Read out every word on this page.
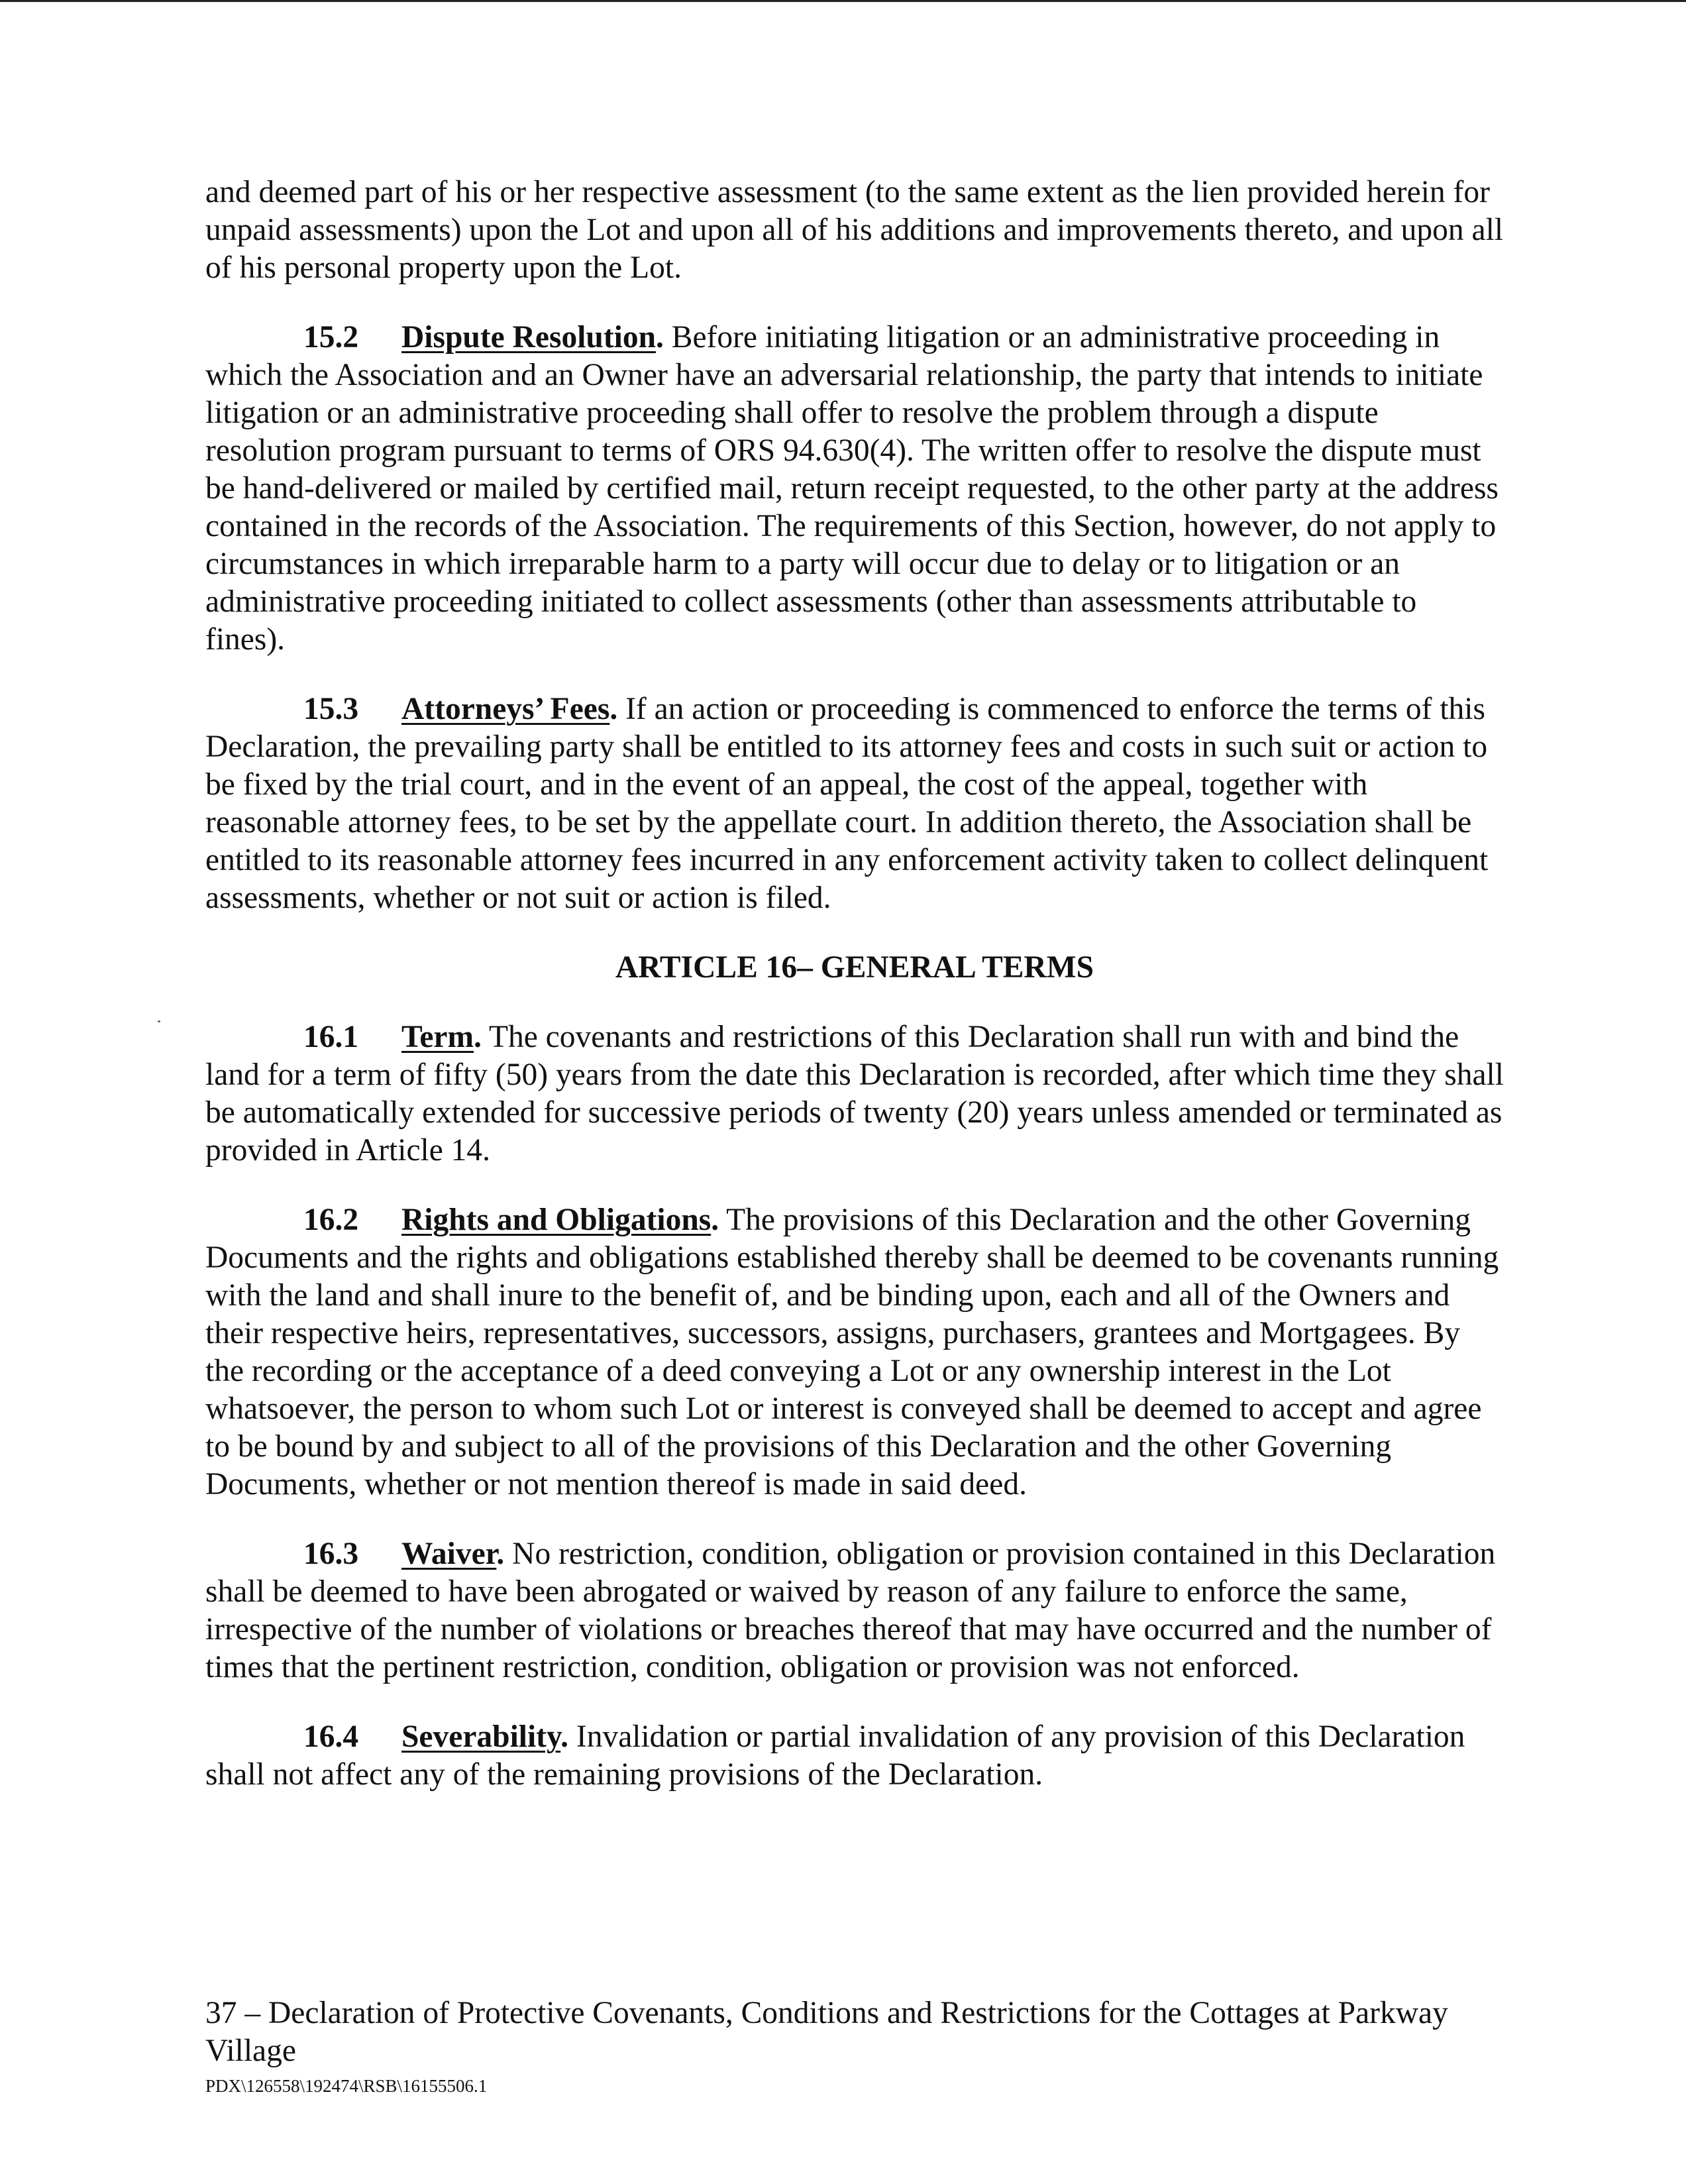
and deemed part of his or her respective assessment (to the same extent as the lien provided herein for unpaid assessments) upon the Lot and upon all of his additions and improvements thereto, and upon all of his personal property upon the Lot.

15.2 Dispute Resolution. Before initiating litigation or an administrative proceeding in which the Association and an Owner have an adversarial relationship, the party that intends to initiate litigation or an administrative proceeding shall offer to resolve the problem through a dispute resolution program pursuant to terms of ORS 94.630(4). The written offer to resolve the dispute must be hand-delivered or mailed by certified mail, return receipt requested, to the other party at the address contained in the records of the Association. The requirements of this Section, however, do not apply to circumstances in which irreparable harm to a party will occur due to delay or to litigation or an administrative proceeding initiated to collect assessments (other than assessments attributable to fines).

15.3 Attorneys’ Fees. If an action or proceeding is commenced to enforce the terms of this Declaration, the prevailing party shall be entitled to its attorney fees and costs in such suit or action to be fixed by the trial court, and in the event of an appeal, the cost of the appeal, together with reasonable attorney fees, to be set by the appellate court. In addition thereto, the Association shall be entitled to its reasonable attorney fees incurred in any enforcement activity taken to collect delinquent assessments, whether or not suit or action is filed.

ARTICLE 16– GENERAL TERMS

16.1 Term. The covenants and restrictions of this Declaration shall run with and bind the land for a term of fifty (50) years from the date this Declaration is recorded, after which time they shall be automatically extended for successive periods of twenty (20) years unless amended or terminated as provided in Article 14.

16.2 Rights and Obligations. The provisions of this Declaration and the other Governing Documents and the rights and obligations established thereby shall be deemed to be covenants running with the land and shall inure to the benefit of, and be binding upon, each and all of the Owners and their respective heirs, representatives, successors, assigns, purchasers, grantees and Mortgagees. By the recording or the acceptance of a deed conveying a Lot or any ownership interest in the Lot whatsoever, the person to whom such Lot or interest is conveyed shall be deemed to accept and agree to be bound by and subject to all of the provisions of this Declaration and the other Governing Documents, whether or not mention thereof is made in said deed.

16.3 Waiver. No restriction, condition, obligation or provision contained in this Declaration shall be deemed to have been abrogated or waived by reason of any failure to enforce the same, irrespective of the number of violations or breaches thereof that may have occurred and the number of times that the pertinent restriction, condition, obligation or provision was not enforced.

16.4 Severability. Invalidation or partial invalidation of any provision of this Declaration shall not affect any of the remaining provisions of the Declaration.

37 – Declaration of Protective Covenants, Conditions and Restrictions for the Cottages at Parkway Village
PDX\126558\192474\RSB\16155506.1
